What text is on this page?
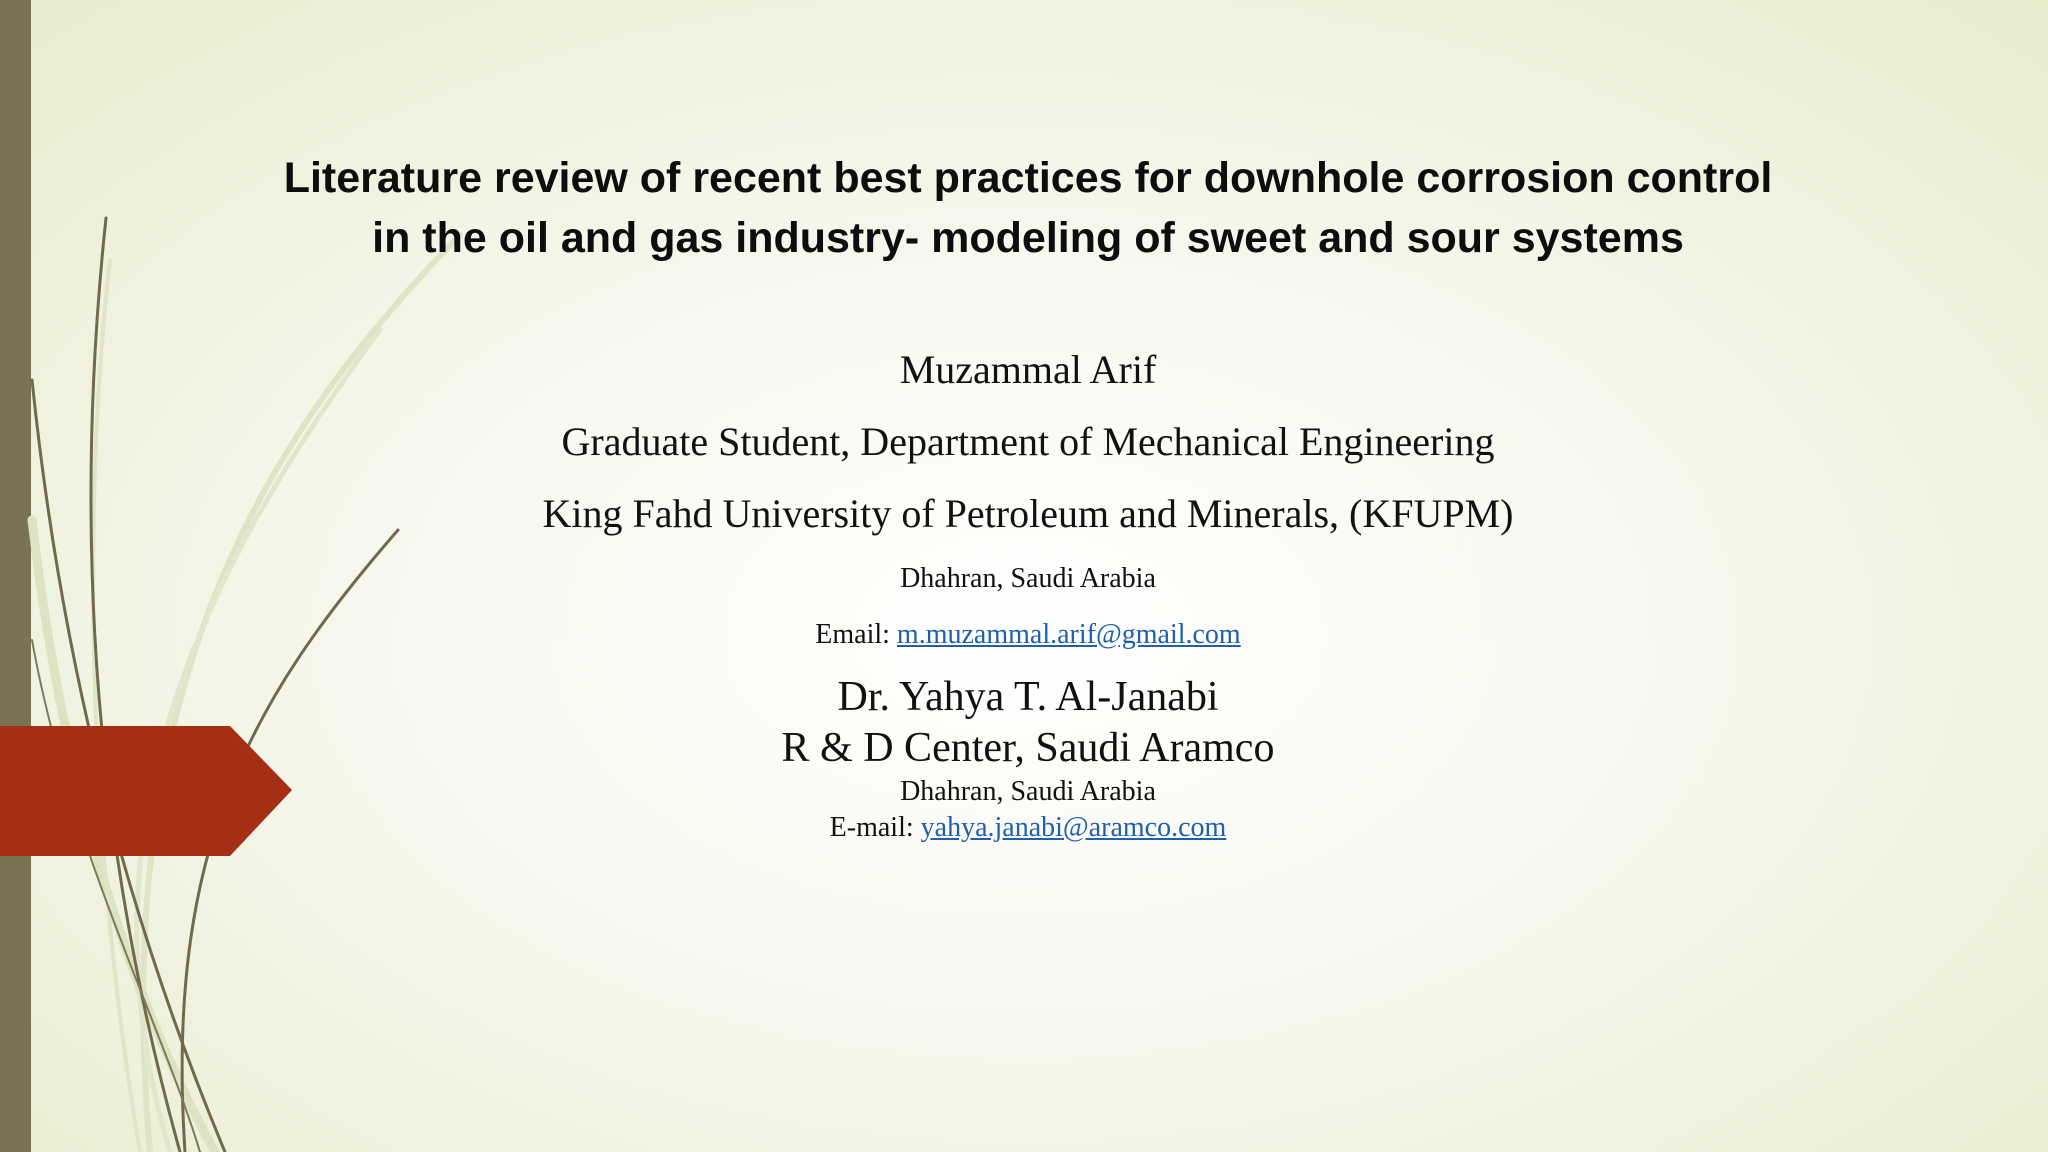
Literature review of recent best practices for downhole corrosion control in the oil and gas industry- modeling of sweet and sour systems
Muzammal Arif
Graduate Student, Department of Mechanical Engineering
King Fahd University of Petroleum and Minerals, (KFUPM)
Dhahran, Saudi Arabia
Email: m.muzammal.arif@gmail.com
Dr. Yahya T. Al-Janabi
R & D Center, Saudi Aramco
Dhahran, Saudi Arabia
E-mail: yahya.janabi@aramco.com
